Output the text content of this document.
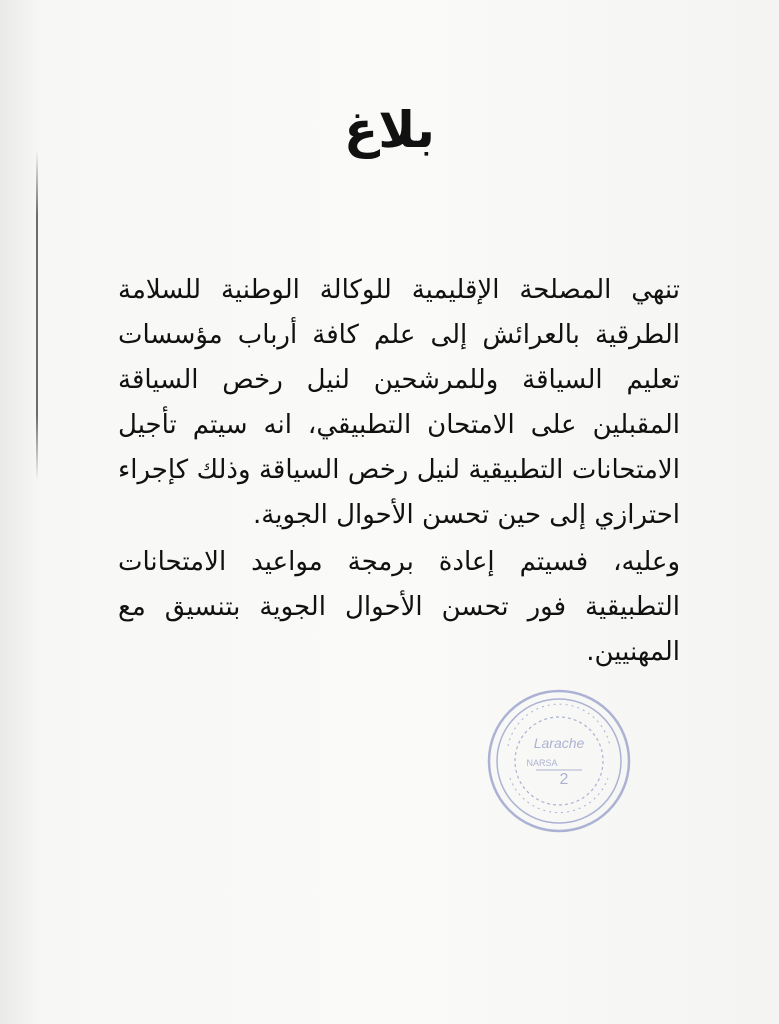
بلاغ
تنهي المصلحة الإقليمية للوكالة الوطنية للسلامة الطرقية بالعرائش إلى علم كافة أرباب مؤسسات تعليم السياقة وللمرشحين لنيل رخص السياقة المقبلين على الامتحان التطبيقي، انه سيتم تأجيل الامتحانات التطبيقية لنيل رخص السياقة وذلك كإجراء احترازي إلى حين تحسن الأحوال الجوية.
وعليه، فسيتم إعادة برمجة مواعيد الامتحانات التطبيقية فور تحسن الأحوال الجوية بتنسيق مع المهنيين.
Larache
NARSA
2
